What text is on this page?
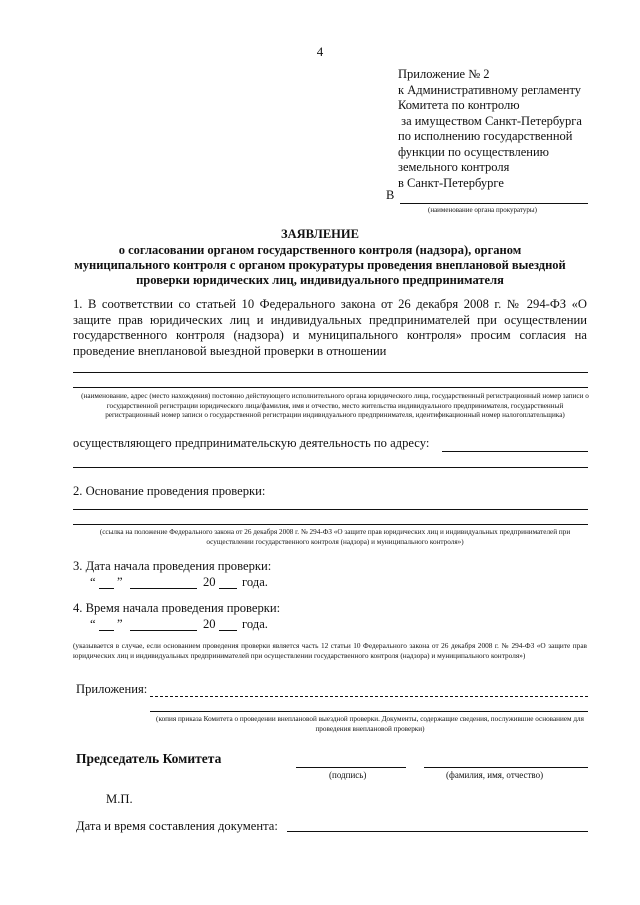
4
Приложение № 2
к Административному регламенту
Комитета по контролю
за имуществом Санкт-Петербурга
по исполнению государственной
функции по осуществлению
земельного контроля
в Санкт-Петербурге
В
(наименование органа прокуратуры)
ЗАЯВЛЕНИЕ
о согласовании органом государственного контроля (надзора), органом
муниципального контроля с органом прокуратуры проведения внеплановой выездной
проверки юридических лиц, индивидуального предпринимателя
1. В соответствии со статьей 10 Федерального закона от 26 декабря 2008 г. № 294-ФЗ «О защите прав юридических лиц и индивидуальных предпринимателей при осуществлении государственного контроля (надзора) и муниципального контроля» просим согласия на проведение внеплановой выездной проверки в отношении
(наименование, адрес (место нахождения) постоянно действующего исполнительного органа юридического лица, государственный регистрационный номер записи о государственной регистрации юридического лица/фамилия, имя и отчество, место жительства индивидуального предпринимателя, государственный регистрационный номер записи о государственной регистрации индивидуального предпринимателя, идентификационный номер налогоплательщика)
осуществляющего предпринимательскую деятельность по адресу:
2. Основание проведения проверки:
(ссылка на положение Федерального закона от 26 декабря 2008 г. № 294-ФЗ «О защите прав юридических лиц и индивидуальных предпринимателей при осуществлении государственного контроля (надзора) и муниципального контроля»)
3. Дата начала проведения проверки:
“ ”	20 года.
4. Время начала проведения проверки:
“ ”	20 года.
(указывается в случае, если основанием проведения проверки является часть 12 статьи 10 Федерального закона от 26 декабря 2008 г. № 294-ФЗ «О защите прав юридических лиц и индивидуальных предпринимателей при осуществлении государственного контроля (надзора) и муниципального контроля»)
Приложения:
(копия приказа Комитета о проведении внеплановой выездной проверки. Документы, содержащие сведения, послужившие основанием для проведения внеплановой проверки)
Председатель Комитета
(подпись)	(фамилия, имя, отчество)
М.П.
Дата и время составления документа:
